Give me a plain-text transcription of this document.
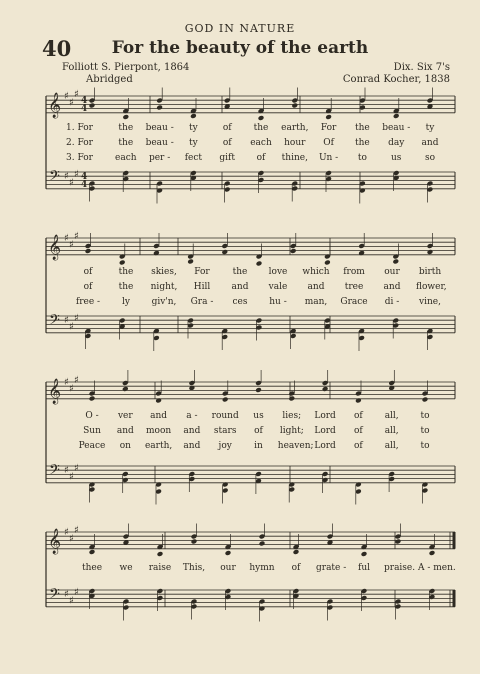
GOD IN NATURE
40	For the beauty of the earth
Folliott S. Pierpont, 1864
Abridged
Dix. Six 7's
Conrad Kocher, 1838
𝄞
𝄢
♯
♯
♯
♯
♯
♯
𝄞
𝄢
♯
♯
♯
♯
♯
♯
𝄞
𝄢
♯
♯
♯
♯
♯
♯
𝄞
𝄢
♯
♯
♯
♯
♯
♯
4
4
4
4
1. For	the	beau -	ty	of	the	earth,	For	the	beau -	ty
2. For	the	beau -	ty	of	each	hour	Of	the	day	and
3. For	each	per -	fect	gift	of	thine,	Un -	to	us	so
of	the	skies,	For	the	love	which	from	our	birth
of	the	night,	Hill	and	vale	and	tree	and	flower,
free -	ly	giv'n, Gra -	ces	hu -	man,	Grace	di -	vine,
O -	ver	and	a -	round	us	lies;	Lord	of	all,	to
Sun	and	moon	and	stars	of	light;	Lord	of	all,	to
Peace	on	earth,	and	joy	in	heaven; Lord	of	all,	to
thee	we	raise	This,	our	hymn	of	grate -	ful	praise. A - men.
